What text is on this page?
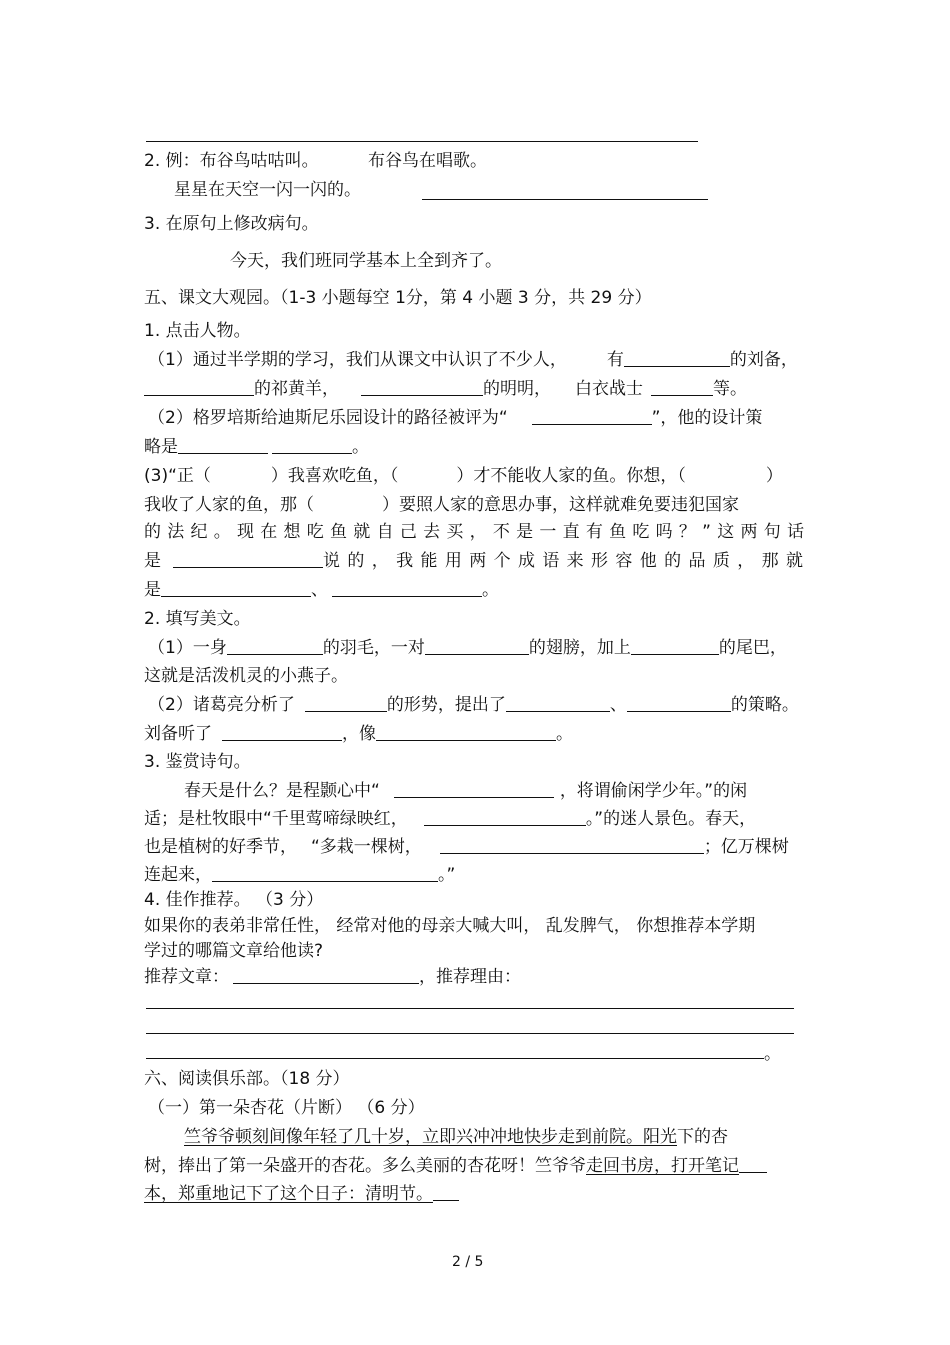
2. 例：布谷鸟咕咕叫。	布谷鸟在唱歌。
星星在天空一闪一闪的。
3. 在原句上修改病句。
今天，我们班同学基本上全到齐了。
五、课文大观园。（1-3 小题每空 1分，第 4 小题 3 分，共 29 分）
1. 点击人物。
（1）通过半学期的学习，我们从课文中认识了不少人， 有	的刘备，
的祁黄羊，	的明明， 白衣战士	等。
（2）格罗培斯给迪斯尼乐园设计的路径被评为“	”，他的设计策
略是	。
(3)“正（	）我喜欢吃鱼，（	）才不能收人家的鱼。你想，（	）
我收了人家的鱼，那（	）要照人家的意思办事，这样就难免要违犯国家
的法纪。现在想吃鱼就自己去买，不是一直有鱼吃吗？”这两句话
是	说的，我能用两个成语来形容他的品质，那就
是	、	。
2. 填写美文。
（1）一身	的羽毛，一对	的翅膀，加上	的尾巴，
这就是活泼机灵的小燕子。
（2）诸葛亮分析了	的形势，提出了	、	的策略。
刘备听了	，像	。
3. 鉴赏诗句。
春天是什么？是程颢心中“	，将谓偷闲学少年。”的闲
适；是杜牧眼中“千里莺啼绿映红，	。”的迷人景色。春天，
也是植树的好季节， “多栽一棵树，	；亿万棵树
连起来，	。”
4. 佳作推荐。 （3 分）
如果你的表弟非常任性， 经常对他的母亲大喊大叫， 乱发脾气， 你想推荐本学期
学过的哪篇文章给他读?
推荐文章：	，推荐理由：
。
六、阅读俱乐部。（18 分）
（一）第一朵杏花（片断） （6 分）
竺爷爷顿刻间像年轻了几十岁，立即兴冲冲地快步走到前院。阳光下的杏
树，捧出了第一朵盛开的杏花。多么美丽的杏花呀！竺爷爷走回书房，打开笔记
本，郑重地记下了这个日子：清明节。
2 / 5
